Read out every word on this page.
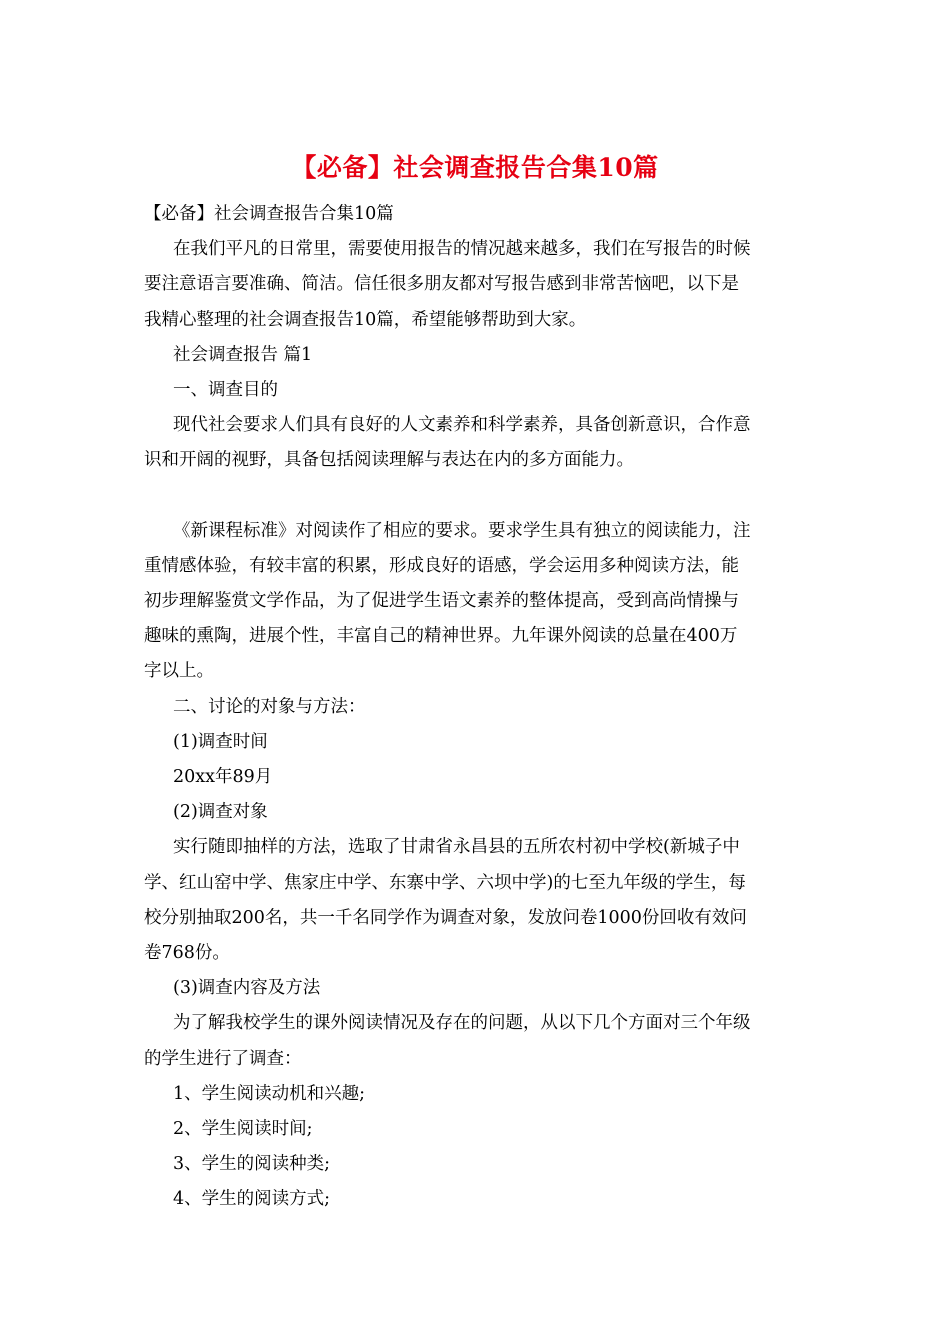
【必备】社会调查报告合集10篇
【必备】社会调查报告合集10篇
在我们平凡的日常里，需要使用报告的情况越来越多，我们在写报告的时候
要注意语言要准确、简洁。信任很多朋友都对写报告感到非常苦恼吧，以下是
我精心整理的社会调查报告10篇，希望能够帮助到大家。
社会调查报告 篇1
一、调查目的
现代社会要求人们具有良好的人文素养和科学素养，具备创新意识，合作意
识和开阔的视野，具备包括阅读理解与表达在内的多方面能力。
《新课程标准》对阅读作了相应的要求。要求学生具有独立的阅读能力，注
重情感体验，有较丰富的积累，形成良好的语感，学会运用多种阅读方法，能
初步理解鉴赏文学作品，为了促进学生语文素养的整体提高，受到高尚情操与
趣味的熏陶，进展个性，丰富自己的精神世界。九年课外阅读的总量在400万
字以上。
二、讨论的对象与方法：
(1)调查时间
20xx年89月
(2)调查对象
实行随即抽样的方法，选取了甘肃省永昌县的五所农村初中学校(新城子中
学、红山窑中学、焦家庄中学、东寨中学、六坝中学)的七至九年级的学生，每
校分别抽取200名，共一千名同学作为调查对象，发放问卷1000份回收有效问
卷768份。
(3)调查内容及方法
为了解我校学生的课外阅读情况及存在的问题，从以下几个方面对三个年级
的学生进行了调查：
1、学生阅读动机和兴趣;
2、学生阅读时间;
3、学生的阅读种类;
4、学生的阅读方式;
